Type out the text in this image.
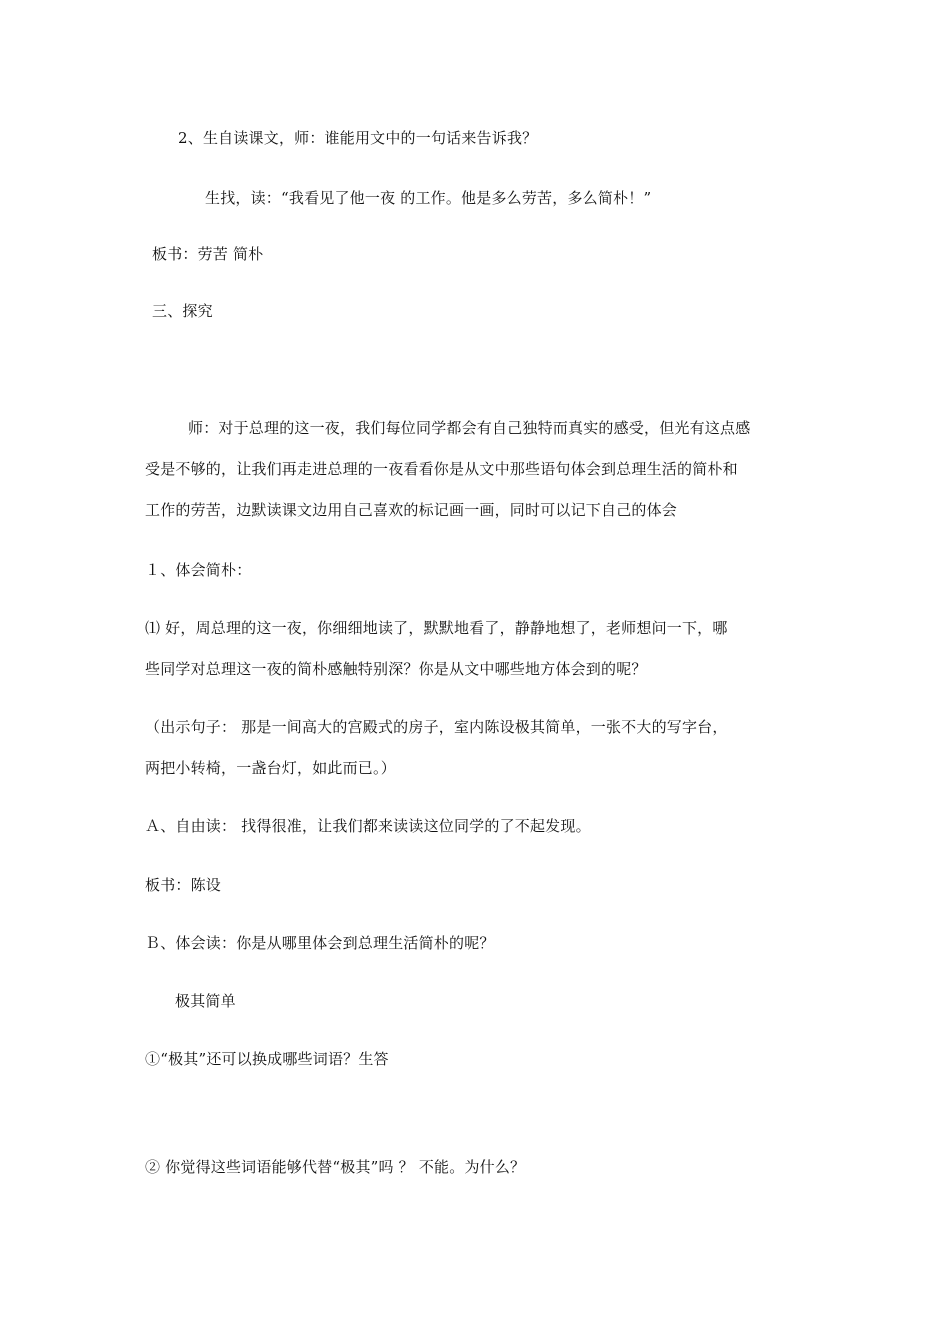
2、生自读课文，师：谁能用文中的一句话来告诉我？
生找，读：“我看见了他一夜 的工作。他是多么劳苦，多么简朴！”
板书：劳苦 简朴
三、探究
师：对于总理的这一夜，我们每位同学都会有自己独特而真实的感受，但光有这点感
受是不够的，让我们再走进总理的一夜看看你是从文中那些语句体会到总理生活的简朴和
工作的劳苦，边默读课文边用自己喜欢的标记画一画，同时可以记下自己的体会
１、体会简朴：
⑴ 好，周总理的这一夜，你细细地读了，默默地看了，静静地想了，老师想问一下，哪
些同学对总理这一夜的简朴感触特别深？你是从文中哪些地方体会到的呢？
（出示句子： 那是一间高大的宫殿式的房子，室内陈设极其简单，一张不大的写字台，
两把小转椅，一盏台灯，如此而已。）
Ａ、自由读： 找得很准，让我们都来读读这位同学的了不起发现。
板书：陈设
Ｂ、体会读：你是从哪里体会到总理生活简朴的呢？
极其简单
①“极其”还可以换成哪些词语？生答
② 你觉得这些词语能够代替“极其”吗 ？ 不能。为什么？
